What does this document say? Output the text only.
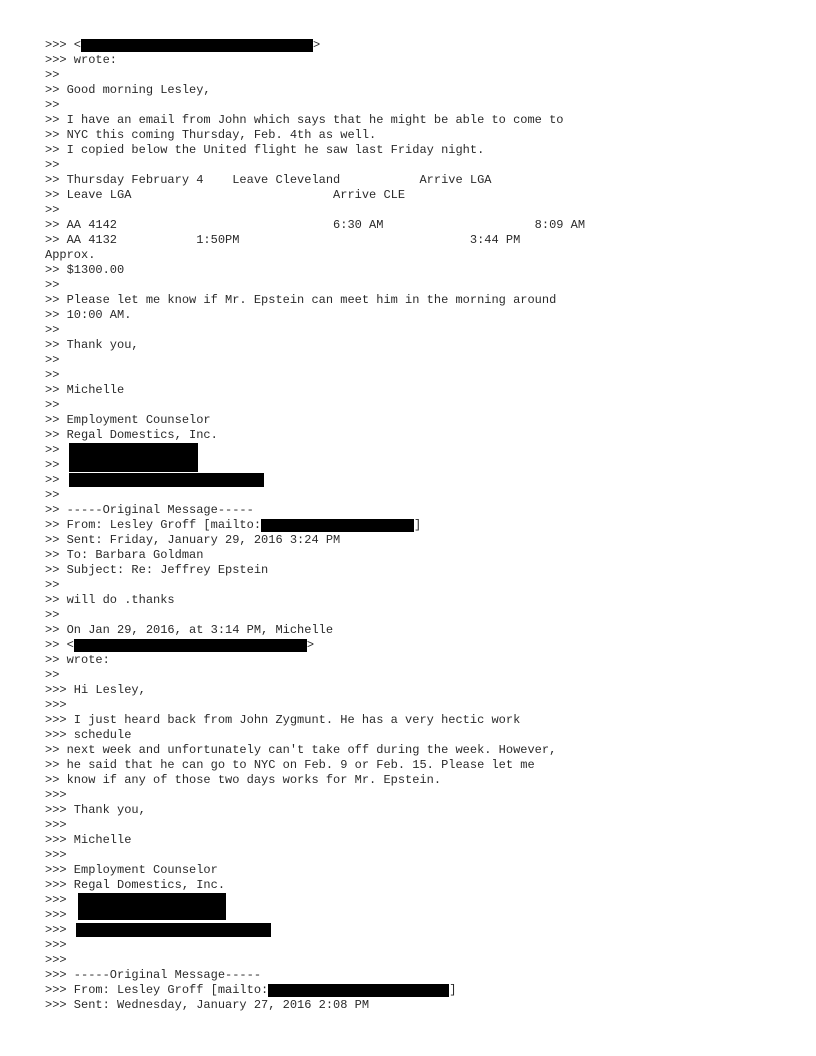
>>> <	>
>>> wrote:
>>
>> Good morning Lesley,
>>
>> I have an email from John which says that he might be able to come to
>> NYC this coming Thursday, Feb. 4th as well.
>> I copied below the United flight he saw last Friday night.
>>
>> Thursday February 4    Leave Cleveland           Arrive LGA
>> Leave LGA                            Arrive CLE
>>
>> AA 4142                              6:30 AM                     8:09 AM
>> AA 4132           1:50PM                                3:44 PM
Approx.
>> $1300.00
>>
>> Please let me know if Mr. Epstein can meet him in the morning around
>> 10:00 AM.
>>
>> Thank you,
>>
>>
>> Michelle
>>
>> Employment Counselor
>> Regal Domestics, Inc.
>>
>>
>>
>>
>> -----Original Message-----
>> From: Lesley Groff [mailto:	]
>> Sent: Friday, January 29, 2016 3:24 PM
>> To: Barbara Goldman
>> Subject: Re: Jeffrey Epstein
>>
>> will do .thanks
>>
>> On Jan 29, 2016, at 3:14 PM, Michelle
>> <	>
>> wrote:
>>
>>> Hi Lesley,
>>>
>>> I just heard back from John Zygmunt. He has a very hectic work
>>> schedule
>> next week and unfortunately can't take off during the week. However,
>> he said that he can go to NYC on Feb. 9 or Feb. 15. Please let me
>> know if any of those two days works for Mr. Epstein.
>>>
>>> Thank you,
>>>
>>> Michelle
>>>
>>> Employment Counselor
>>> Regal Domestics, Inc.
>>>
>>>
>>>
>>>
>>>
>>> -----Original Message-----
>>> From: Lesley Groff [mailto:	]
>>> Sent: Wednesday, January 27, 2016 2:08 PM
